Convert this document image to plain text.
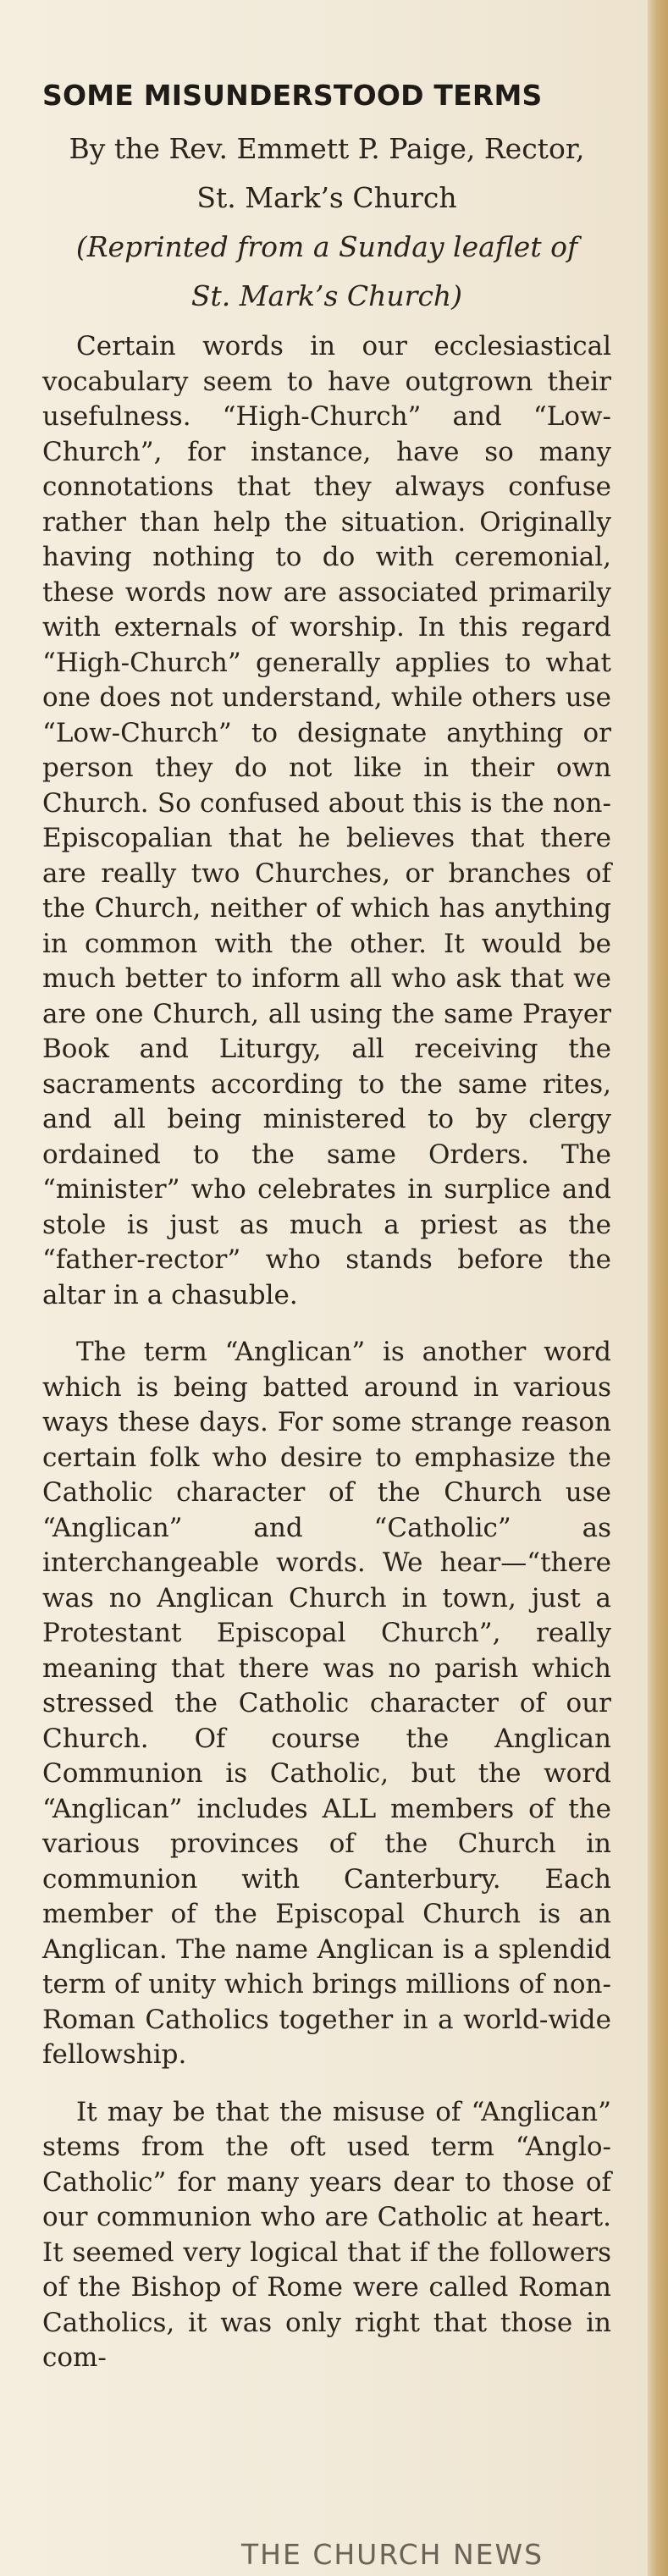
SOME MISUNDERSTOOD TERMS

By the Rev. Emmett P. Paige, Rector,

St. Mark’s Church

(Reprinted from a Sunday leaflet of

St. Mark’s Church)

Certain words in our ecclesiastical vocabulary seem to have outgrown their usefulness. “High-Church” and “Low-Church”, for instance, have so many connotations that they always confuse rather than help the situation. Originally having nothing to do with ceremonial, these words now are associated primarily with externals of worship. In this regard “High-Church” generally applies to what one does not understand, while others use “Low-Church” to designate anything or person they do not like in their own Church. So confused about this is the non-Episcopalian that he believes that there are really two Churches, or branches of the Church, neither of which has anything in common with the other. It would be much better to inform all who ask that we are one Church, all using the same Prayer Book and Liturgy, all receiving the sacraments according to the same rites, and all being ministered to by clergy ordained to the same Orders. The “minister” who celebrates in surplice and stole is just as much a priest as the “father-rector” who stands before the altar in a chasuble.

The term “Anglican” is another word which is being batted around in various ways these days. For some strange reason certain folk who desire to emphasize the Catholic character of the Church use “Anglican” and “Catholic” as interchangeable words. We hear—“there was no Anglican Church in town, just a Protestant Episcopal Church”, really meaning that there was no parish which stressed the Catholic character of our Church. Of course the Anglican Communion is Catholic, but the word “Anglican” includes ALL members of the various provinces of the Church in communion with Canterbury. Each member of the Episcopal Church is an Anglican. The name Anglican is a splendid term of unity which brings millions of non-Roman Catholics together in a world-wide fellowship.

It may be that the misuse of “Anglican” stems from the oft used term “Anglo-Catholic” for many years dear to those of our communion who are Catholic at heart. It seemed very logical that if the followers of the Bishop of Rome were called Roman Catholics, it was only right that those in com-

THE CHURCH NEWS
